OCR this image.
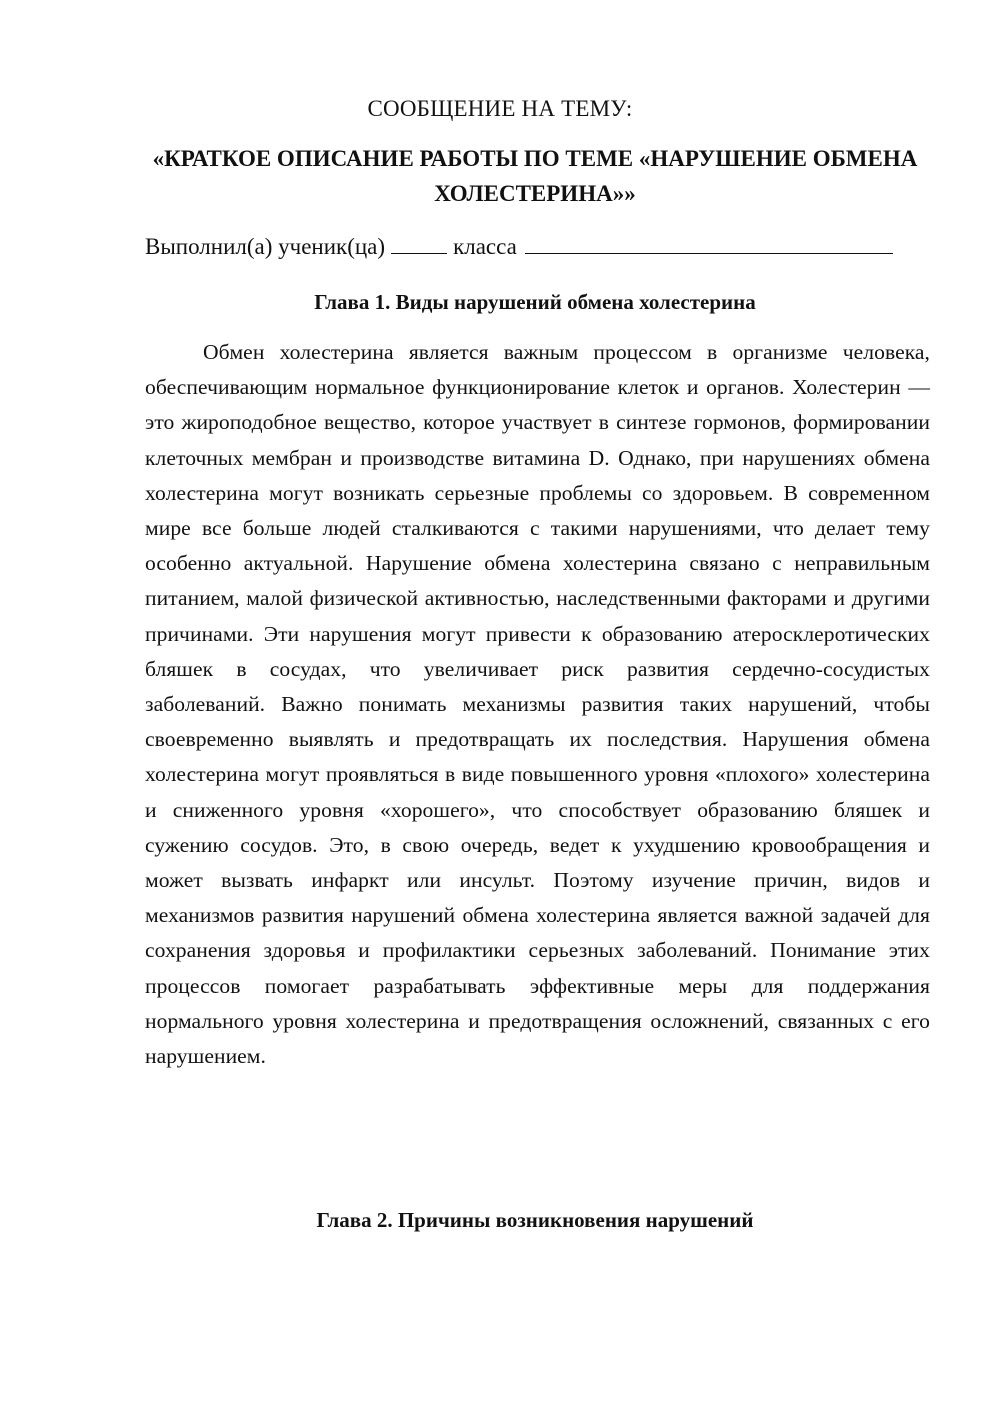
СООБЩЕНИЕ НА ТЕМУ:
«КРАТКОЕ ОПИСАНИЕ РАБОТЫ ПО ТЕМЕ «НАРУШЕНИЕ ОБМЕНА ХОЛЕСТЕРИНА»»
Выполнил(а) ученик(ца)	класса
Глава 1. Виды нарушений обмена холестерина

Обмен холестерина является важным процессом в организме человека, обеспечивающим нормальное функционирование клеток и органов. Холестерин — это жироподобное вещество, которое участвует в синтезе гормонов, формировании клеточных мембран и производстве витамина D. Однако, при нарушениях обмена холестерина могут возникать серьезные проблемы со здоровьем. В современном мире все больше людей сталкиваются с такими нарушениями, что делает тему особенно актуальной. Нарушение обмена холестерина связано с неправильным питанием, малой физической активностью, наследственными факторами и другими причинами. Эти нарушения могут привести к образованию атеросклеротических бляшек в сосудах, что увеличивает риск развития сердечно-сосудистых заболеваний. Важно понимать механизмы развития таких нарушений, чтобы своевременно выявлять и предотвращать их последствия. Нарушения обмена холестерина могут проявляться в виде повышенного уровня «плохого» холестерина и сниженного уровня «хорошего», что способствует образованию бляшек и сужению сосудов. Это, в свою очередь, ведет к ухудшению кровообращения и может вызвать инфаркт или инсульт. Поэтому изучение причин, видов и механизмов развития нарушений обмена холестерина является важной задачей для сохранения здоровья и профилактики серьезных заболеваний. Понимание этих процессов помогает разрабатывать эффективные меры для поддержания нормального уровня холестерина и предотвращения осложнений, связанных с его нарушением.

Глава 2. Причины возникновения нарушений
